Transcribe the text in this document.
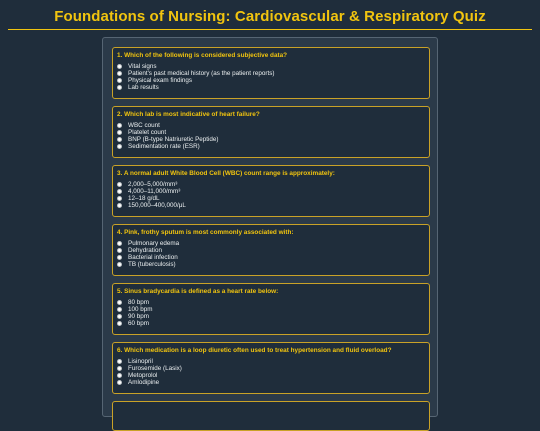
Foundations of Nursing: Cardiovascular & Respiratory Quiz
1. Which of the following is considered subjective data?
Vital signs
Patient's past medical history (as the patient reports)
Physical exam findings
Lab results
2. Which lab is most indicative of heart failure?
WBC count
Platelet count
BNP (B-type Natriuretic Peptide)
Sedimentation rate (ESR)
3. A normal adult White Blood Cell (WBC) count range is approximately:
2,000–5,000/mm³
4,000–11,000/mm³
12–18 g/dL
150,000–400,000/μL
4. Pink, frothy sputum is most commonly associated with:
Pulmonary edema
Dehydration
Bacterial infection
TB (tuberculosis)
5. Sinus bradycardia is defined as a heart rate below:
80 bpm
100 bpm
90 bpm
60 bpm
6. Which medication is a loop diuretic often used to treat hypertension and fluid overload?
Lisinopril
Furosemide (Lasix)
Metoprolol
Amlodipine
